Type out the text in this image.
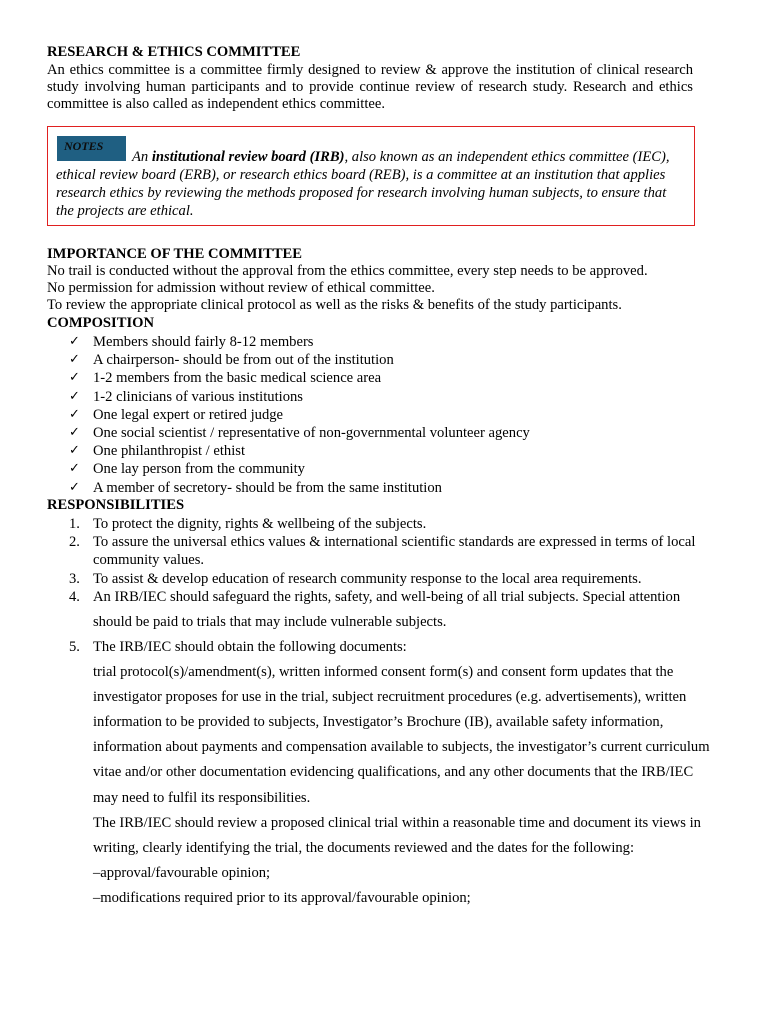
RESEARCH & ETHICS COMMITTEE

An ethics committee is a committee firmly designed to review & approve the institution of clinical research study involving human participants and to provide continue review of research study. Research and ethics committee is also called as independent ethics committee.

NOTES
An institutional review board (IRB), also known as an independent ethics committee (IEC), ethical review board (ERB), or research ethics board (REB), is a committee at an institution that applies research ethics by reviewing the methods proposed for research involving human subjects, to ensure that the projects are ethical.

IMPORTANCE OF THE COMMITTEE

No trail is conducted without the approval from the ethics committee, every step needs to be approved.

No permission for admission without review of ethical committee.

To review the appropriate clinical protocol as well as the risks & benefits of the study participants.

COMPOSITION

✓ Members should fairly 8-12 members
✓ A chairperson- should be from out of the institution
✓ 1-2 members from the basic medical science area
✓ 1-2 clinicians of various institutions
✓ One legal expert or retired judge
✓ One social scientist / representative of non-governmental volunteer agency
✓ One philanthropist / ethist
✓ One lay person from the community
✓ A member of secretory- should be from the same institution

RESPONSIBILITIES

1. To protect the dignity, rights & wellbeing of the subjects.
2. To assure the universal ethics values & international scientific standards are expressed in terms of local community values.
3. To assist & develop education of research community response to the local area requirements.
4. An IRB/IEC should safeguard the rights, safety, and well-being of all trial subjects. Special attention should be paid to trials that may include vulnerable subjects.
5. The IRB/IEC should obtain the following documents:
trial protocol(s)/amendment(s), written informed consent form(s) and consent form updates that the investigator proposes for use in the trial, subject recruitment procedures (e.g. advertisements), written information to be provided to subjects, Investigator’s Brochure (IB), available safety information, information about payments and compensation available to subjects, the investigator’s current curriculum vitae and/or other documentation evidencing qualifications, and any other documents that the IRB/IEC may need to fulfil its responsibilities.
The IRB/IEC should review a proposed clinical trial within a reasonable time and document its views in writing, clearly identifying the trial, the documents reviewed and the dates for the following:
–approval/favourable opinion;
–modifications required prior to its approval/favourable opinion;
